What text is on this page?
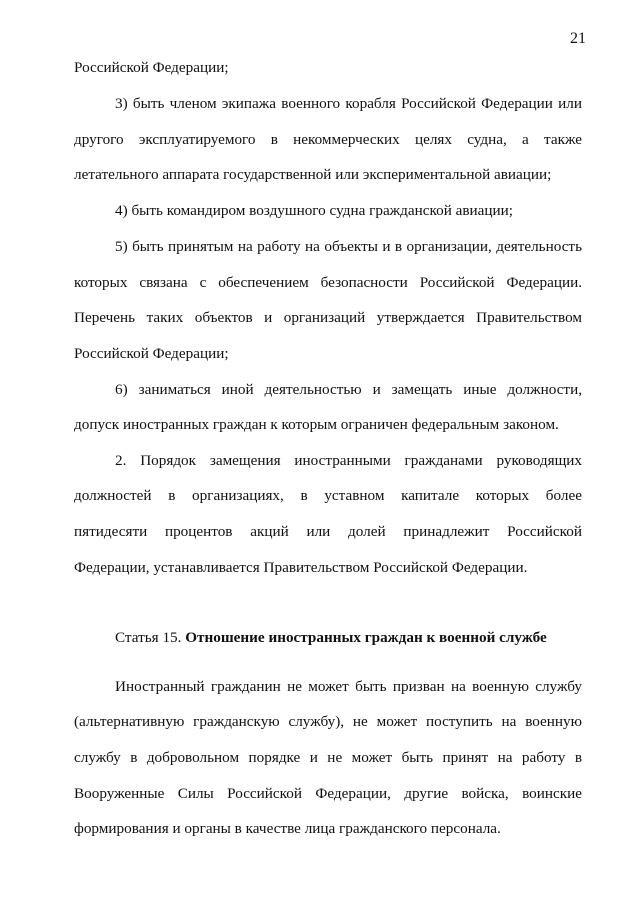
21
Российской Федерации;
3) быть членом экипажа военного корабля Российской Федерации или
другого эксплуатируемого в некоммерческих целях судна, а также
летательного аппарата государственной или экспериментальной авиации;
4) быть командиром воздушного судна гражданской авиации;
5) быть принятым на работу на объекты и в организации, деятельность
которых связана с обеспечением безопасности Российской Федерации.
Перечень таких объектов и организаций утверждается Правительством
Российской Федерации;
6) заниматься иной деятельностью и замещать иные должности,
допуск иностранных граждан к которым ограничен федеральным законом.
2. Порядок замещения иностранными гражданами руководящих
должностей в организациях, в уставном капитале которых более
пятидесяти процентов акций или долей принадлежит Российской
Федерации, устанавливается Правительством Российской Федерации.
Статья 15. Отношение иностранных граждан к военной службе
Иностранный гражданин не может быть призван на военную службу
(альтернативную гражданскую службу), не может поступить на военную
службу в добровольном порядке и не может быть принят на работу в
Вооруженные Силы Российской Федерации, другие войска, воинские
формирования и органы в качестве лица гражданского персонала.
